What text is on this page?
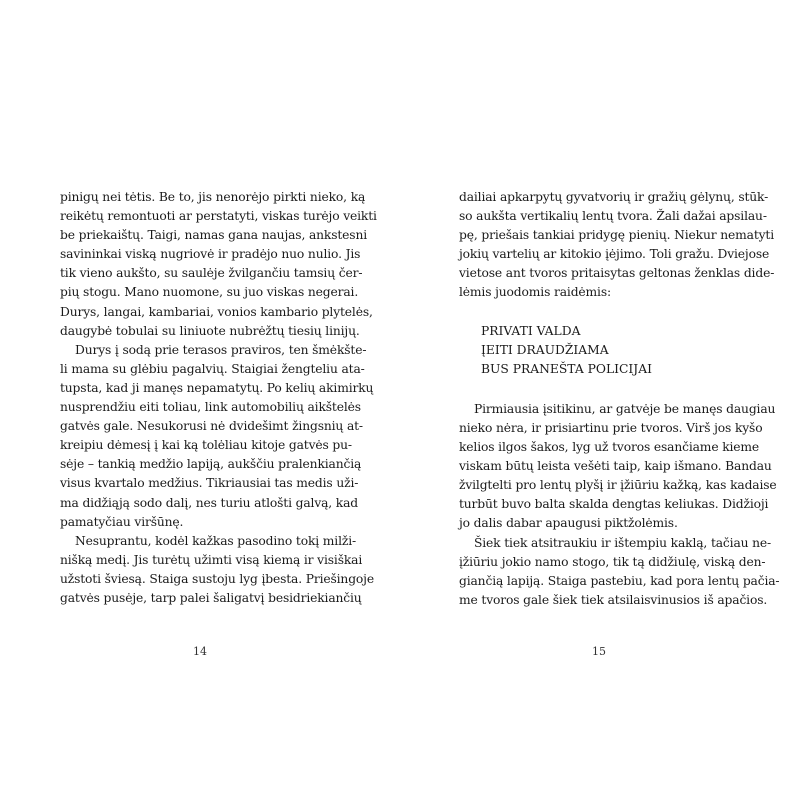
pinigų nei tėtis. Be to, jis nenorėjo pirkti nieko, ką
reikėtų remontuoti ar perstatyti, viskas turėjo veikti
be priekaištų. Taigi, namas gana naujas, ankstesni
savininkai viską nugriovė ir pradėjo nuo nulio. Jis
tik vieno aukšto, su saulėje žvilgančiu tamsių čer-
pių stogu. Mano nuomone, su juo viskas negerai.
Durys, langai, kambariai, vonios kambario plytelės,
daugybė tobulai su liniuote nubrėžtų tiesių linijų.

Durys į sodą prie terasos praviros, ten šmėkšte-
li mama su glėbiu pagalvių. Staigiai žengteliu ata-
tupsta, kad ji manęs nepamatytų. Po kelių akimirkų
nusprendžiu eiti toliau, link automobilių aikštelės
gatvės gale. Nesukorusi nė dvidešimt žingsnių at-
kreipiu dėmesį į kai ką tolėliau kitoje gatvės pu-
sėje – tankią medžio lapiją, aukščiu pralenkiančią
visus kvartalo medžius. Tikriausiai tas medis uži-
ma didžiąją sodo dalį, nes turiu atlošti galvą, kad
pamatyčiau viršūnę.

Nesuprantu, kodėl kažkas pasodino tokį milži-
nišką medį. Jis turėtų užimti visą kiemą ir visiškai
užstoti šviesą. Staiga sustoju lyg įbesta. Priešingoje
gatvės pusėje, tarp palei šaligatvį besidriekiančių

14

dailiai apkarpytų gyvatvorių ir gražių gėlynų, stūk-
so aukšta vertikalių lentų tvora. Žali dažai apsilau-
pę, priešais tankiai pridygę pienių. Niekur nematyti
jokių vartelių ar kitokio įėjimo. Toli gražu. Dviejose
vietose ant tvoros pritaisytas geltonas ženklas dide-
lėmis juodomis raidėmis:

PRIVATI VALDA
ĮEITI DRAUDŽIAMA
BUS PRANEŠTA POLICIJAI

Pirmiausia įsitikinu, ar gatvėje be manęs daugiau
nieko nėra, ir prisiartinu prie tvoros. Virš jos kyšo
kelios ilgos šakos, lyg už tvoros esančiame kieme
viskam būtų leista vešėti taip, kaip išmano. Bandau
žvilgtelti pro lentų plyšį ir įžiūriu kažką, kas kadaise
turbūt buvo balta skalda dengtas keliukas. Didžioji
jo dalis dabar apaugusi piktžolėmis.

Šiek tiek atsitraukiu ir ištempiu kaklą, tačiau ne-
įžiūriu jokio namo stogo, tik tą didžiulę, viską den-
giančią lapiją. Staiga pastebiu, kad pora lentų pačia-
me tvoros gale šiek tiek atsilaisvinusios iš apačios.

15
